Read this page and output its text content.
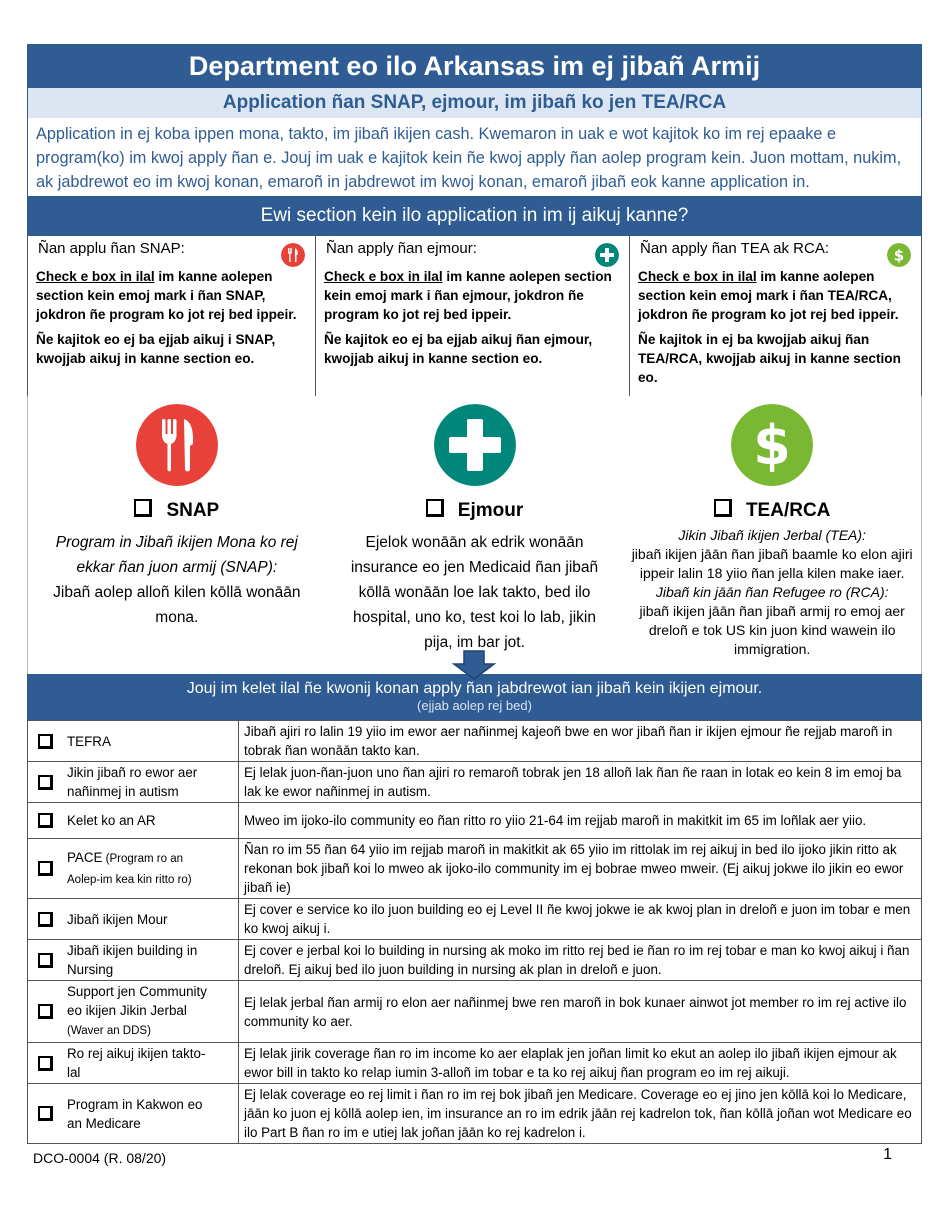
Department eo ilo Arkansas im ej jibañ Armij
Application ñan SNAP, ejmour, im jibañ ko jen TEA/RCA
Application in ej koba ippen mona, takto, im jibañ ikijen cash. Kwemaron in uak e wot kajitok ko im rej epaake e program(ko) im kwoj apply ñan e. Jouj im uak e kajitok kein ñe kwoj apply ñan aolep program kein. Juon mottam, nukim, ak jabdrewot eo im kwoj konan, emaroñ in jabdrewot im kwoj konan, emaroñ jibañ eok kanne application in.
Ewi section kein ilo application in im ij aikuj kanne?
Ñan applu ñan SNAP:

Check e box in ilal im kanne aolepen section kein emoj mark i ñan SNAP, jokdron ñe program ko jot rej bed ippeir.

Ñe kajitok eo ej ba ejjab aikuj i SNAP, kwojjab aikuj in kanne section eo.

Ñan apply ñan ejmour:

Check e box in ilal im kanne aolepen section kein emoj mark i ñan ejmour, jokdron ñe program ko jot rej bed ippeir.

Ñe kajitok eo ej ba ejjab aikuj ñan ejmour, kwojjab aikuj in kanne section eo.

Ñan apply ñan TEA ak RCA:	$

Check e box in ilal im kanne aolepen section kein emoj mark i ñan TEA/RCA, jokdron ñe program ko jot rej bed ippeir.

Ñe kajitok in ej ba kwojjab aikuj ñan TEA/RCA, kwojjab aikuj in kanne section eo.

SNAP
Program in Jibañ ikijen Mona ko rej ekkar ñan juon armij (SNAP):
Jibañ aolep alloñ kilen kōllā wonāān mona.
Ejmour
Ejelok wonāān ak edrik wonāān insurance eo jen Medicaid ñan jibañ kōllā wonāān loe lak takto, bed ilo hospital, uno ko, test koi lo lab, jikin pija, im bar jot.
$
TEA/RCA
Jikin Jibañ ikijen Jerbal (TEA):
jibañ ikijen jāān ñan jibañ baamle ko elon ajiri ippeir lalin 18 yiio ñan jella kilen make iaer.
Jibañ kin jāān ñan Refugee ro (RCA):
jibañ ikijen jāān ñan jibañ armij ro emoj aer dreloñ e tok US kin juon kind wawein ilo immigration.
Jouj im kelet ilal ñe kwonij konan apply ñan jabdrewot ian jibañ kein ikijen ejmour.
(ejjab aolep rej bed)
TEFRA	Jibañ ajiri ro lalin 19 yiio im ewor aer nañinmej kajeoñ bwe en wor jibañ ñan ir ikijen ejmour ñe rejjab maroñ in tobrak ñan wonāān takto kan.
Jikin jibañ ro ewor aer nañinmej in autism	Ej lelak juon-ñan-juon uno ñan ajiri ro remaroñ tobrak jen 18 alloñ lak ñan ñe raan in lotak eo kein 8 im emoj ba lak ke ewor nañinmej in autism.
Kelet ko an AR	Mweo im ijoko-ilo community eo ñan ritto ro yiio 21-64 im rejjab maroñ in makitkit im 65 im loñlak aer yiio.
PACE (Program ro an Aolep-im kea kin ritto ro)	Ñan ro im 55 ñan 64 yiio im rejjab maroñ in makitkit ak 65 yiio im rittolak im rej aikuj in bed ilo ijoko jikin ritto ak rekonan bok jibañ koi lo mweo ak ijoko-ilo community im ej bobrae mweo mweir. (Ej aikuj jokwe ilo jikin eo ewor jibañ ie)
Jibañ ikijen Mour	Ej cover e service ko ilo juon building eo ej Level II ñe kwoj jokwe ie ak kwoj plan in dreloñ e juon im tobar e men ko kwoj aikuj i.
Jibañ ikijen building in Nursing	Ej cover e jerbal koi lo building in nursing ak moko im ritto rej bed ie ñan ro im rej tobar e man ko kwoj aikuj i ñan dreloñ. Ej aikuj bed ilo juon building in nursing ak plan in dreloñ e juon.
Support jen Community eo ikijen Jikin Jerbal
(Waver an DDS)	Ej lelak jerbal ñan armij ro elon aer nañinmej bwe ren maroñ in bok kunaer ainwot jot member ro im rej active ilo community ko aer.
Ro rej aikuj ikijen takto-lal	Ej lelak jirik coverage ñan ro im income ko aer elaplak jen joñan limit ko ekut an aolep ilo jibañ ikijen ejmour ak ewor bill in takto ko relap iumin 3-alloñ im tobar e ta ko rej aikuj ñan program eo im rej aikuji.
Program in Kakwon eo an Medicare	Ej lelak coverage eo rej limit i ñan ro im rej bok jibañ jen Medicare. Coverage eo ej jino jen kōllā koi lo Medicare, jāān ko juon ej kōllā aolep ien, im insurance an ro im edrik jāān rej kadrelon tok, ñan kōllā joñan wot Medicare eo ilo Part B ñan ro im e utiej lak joñan jāān ko rej kadrelon i.
DCO-0004 (R. 08/20)	1
